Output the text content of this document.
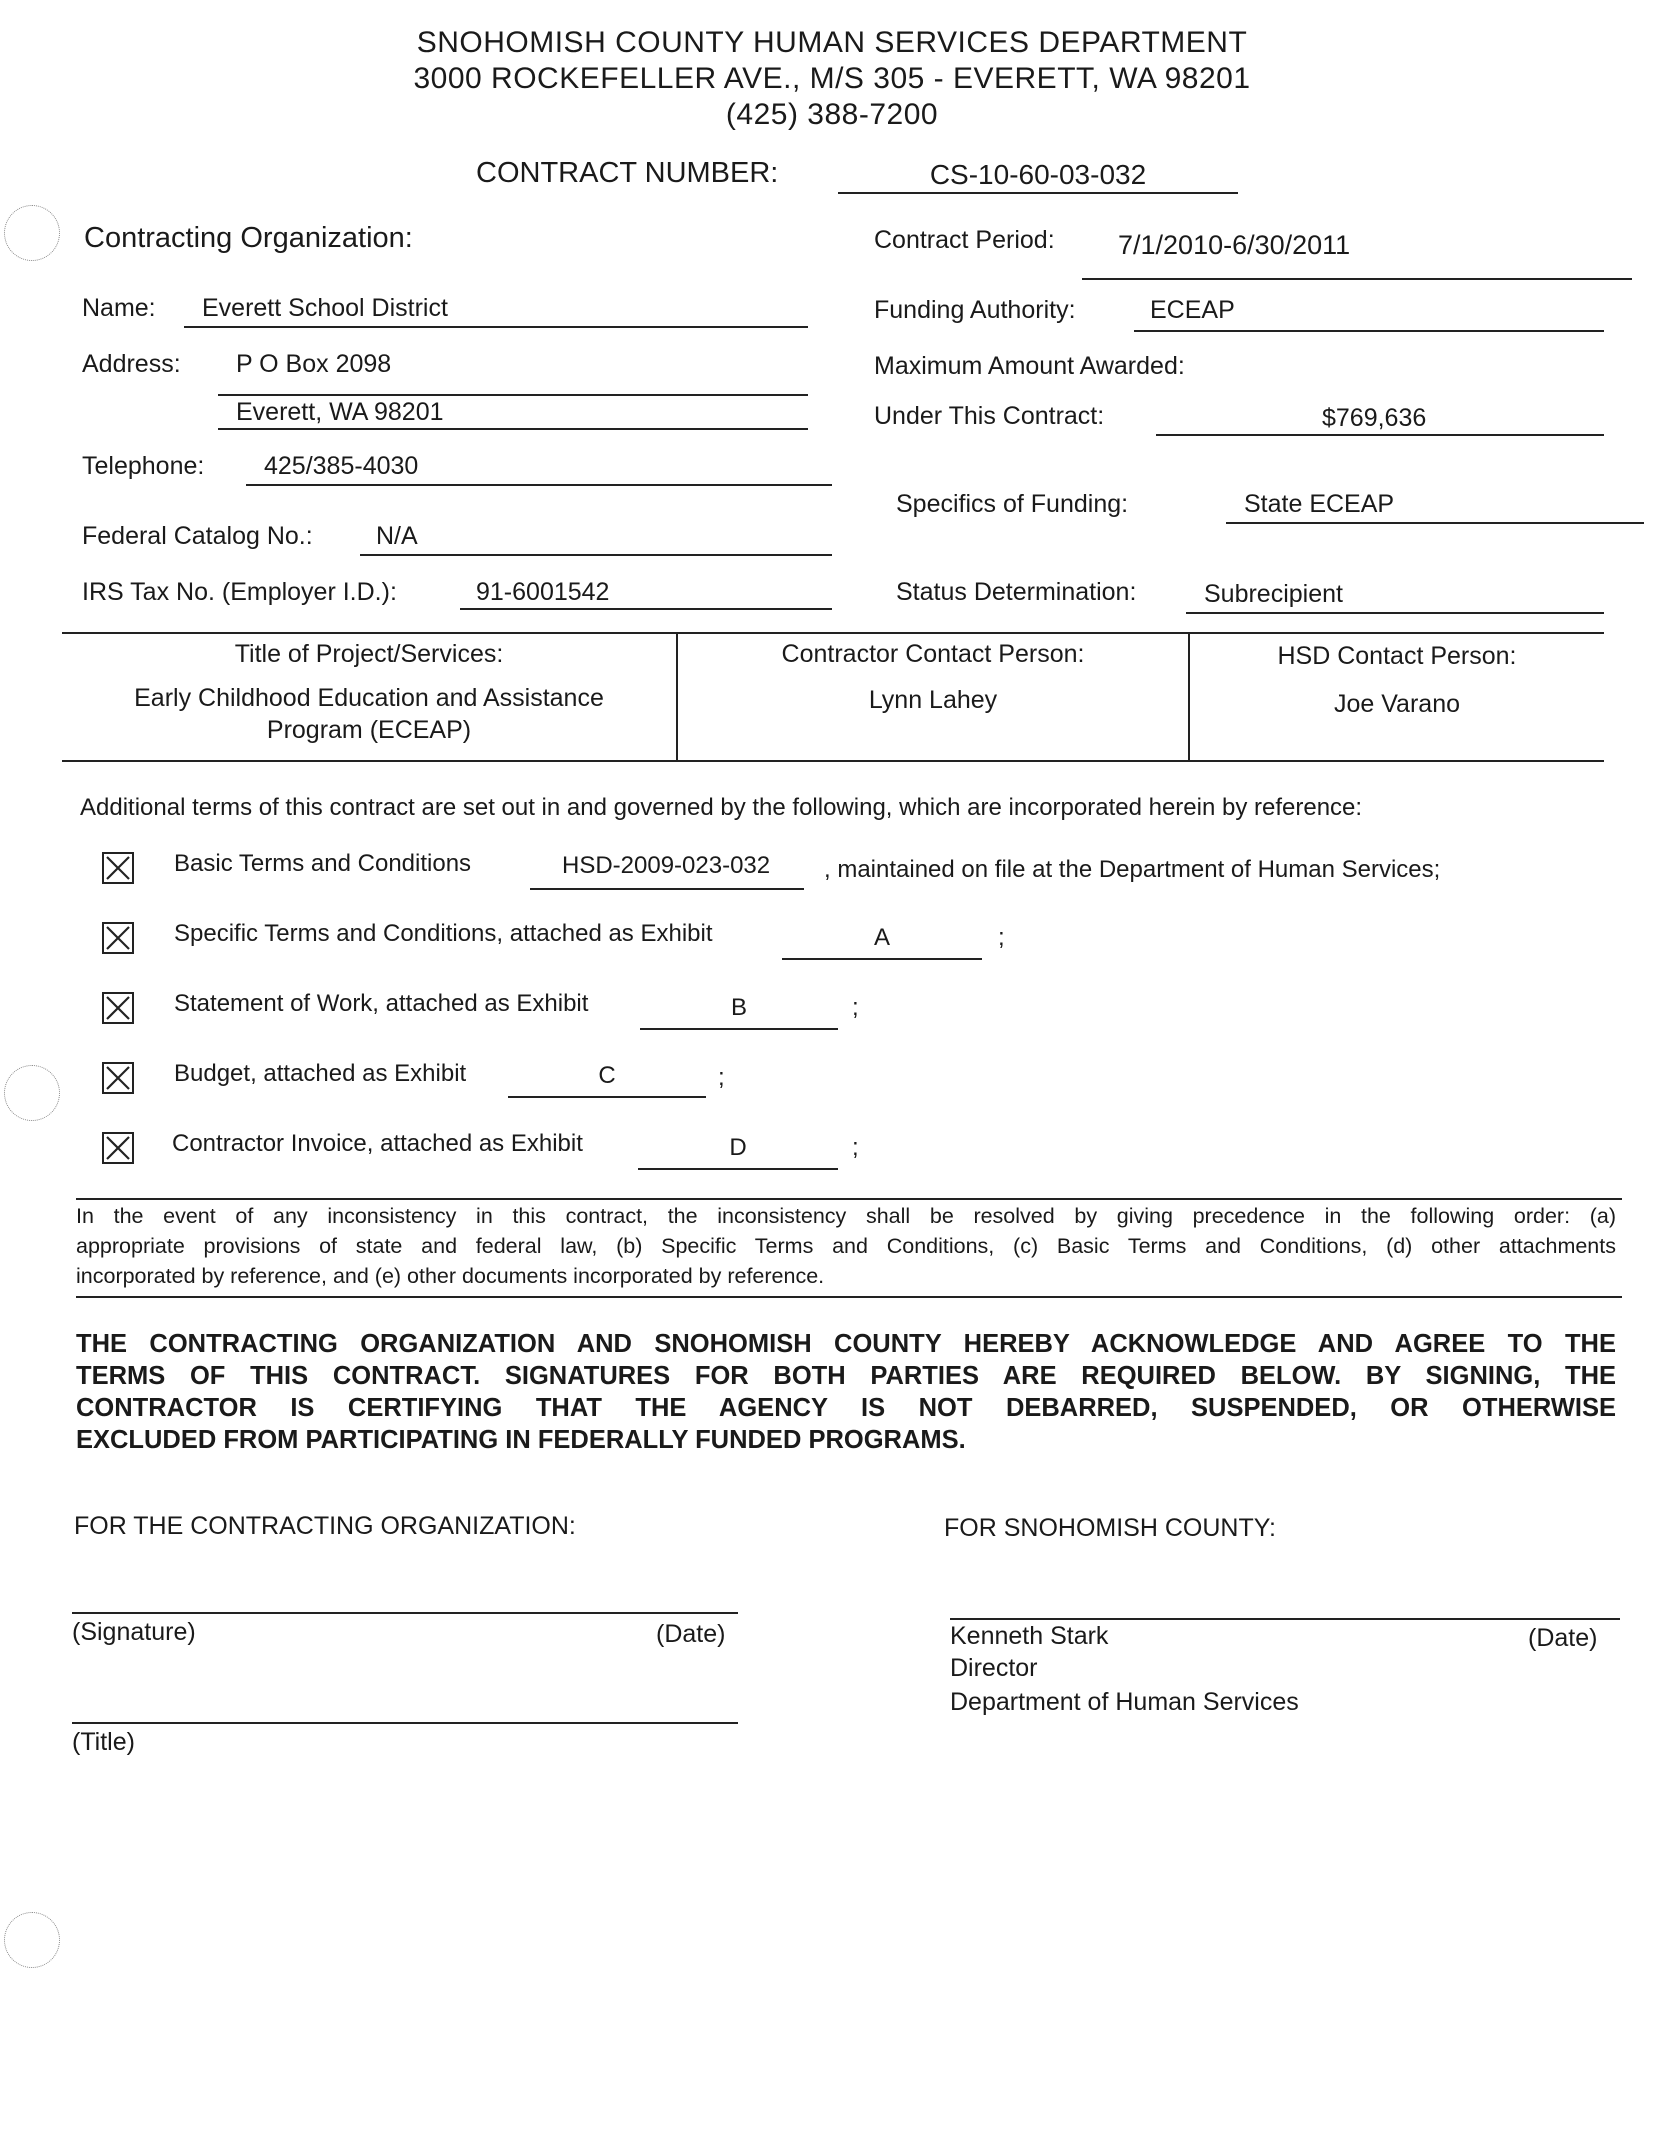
SNOHOMISH COUNTY HUMAN SERVICES DEPARTMENT
3000 ROCKEFELLER AVE., M/S 305 - EVERETT, WA 98201
(425) 388-7200
CONTRACT NUMBER:	CS-10-60-03-032
Contracting Organization:
Name: Everett School District
Address: P O Box 2098
Everett, WA 98201
Telephone: 425/385-4030
Federal Catalog No.:	N/A
IRS Tax No. (Employer I.D.):	91-6001542
Contract Period: 7/1/2010-6/30/2011
Funding Authority:	ECEAP
Maximum Amount Awarded:
Under This Contract:	$769,636
Specifics of Funding:	State ECEAP
Status Determination:	Subrecipient
Title of Project/Services:
Early Childhood Education and Assistance
Program (ECEAP)
Contractor Contact Person:
Lynn Lahey
HSD Contact Person:
Joe Varano
Additional terms of this contract are set out in and governed by the following, which are incorporated herein by reference:
Basic Terms and Conditions	HSD-2009-023-032 , maintained on file at the Department of Human Services;
Specific Terms and Conditions, attached as Exhibit	A	;
Statement of Work, attached as Exhibit	B	;
Budget, attached as Exhibit	C	;
Contractor Invoice, attached as Exhibit	D	;
In the event of any inconsistency in this contract, the inconsistency shall be resolved by giving precedence in the following order: (a)
appropriate provisions of state and federal law, (b) Specific Terms and Conditions, (c) Basic Terms and Conditions, (d) other attachments
incorporated by reference, and (e) other documents incorporated by reference.
THE CONTRACTING ORGANIZATION AND SNOHOMISH COUNTY HEREBY ACKNOWLEDGE AND AGREE TO THE
TERMS OF THIS CONTRACT. SIGNATURES FOR BOTH PARTIES ARE REQUIRED BELOW. BY SIGNING, THE
CONTRACTOR IS CERTIFYING THAT THE AGENCY IS NOT DEBARRED, SUSPENDED, OR OTHERWISE
EXCLUDED FROM PARTICIPATING IN FEDERALLY FUNDED PROGRAMS.
FOR THE CONTRACTING ORGANIZATION:	FOR SNOHOMISH COUNTY:
(Signature)	(Date)	Kenneth Stark	(Date)
Director
Department of Human Services
(Title)
